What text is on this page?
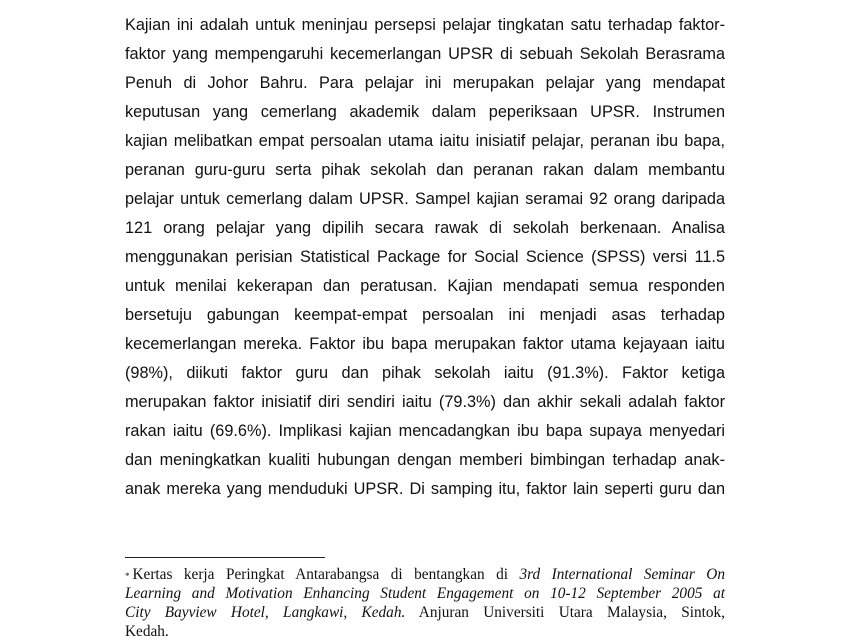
Kajian ini adalah untuk meninjau persepsi pelajar tingkatan satu terhadap faktor-
faktor yang mempengaruhi kecemerlangan UPSR di sebuah Sekolah Berasrama
Penuh di Johor Bahru. Para pelajar ini merupakan pelajar yang mendapat
keputusan yang cemerlang akademik dalam peperiksaan UPSR. Instrumen
kajian melibatkan empat persoalan utama iaitu inisiatif pelajar, peranan ibu bapa,
peranan guru-guru serta pihak sekolah dan peranan rakan dalam membantu
pelajar untuk cemerlang dalam UPSR. Sampel kajian seramai 92 orang daripada
121 orang pelajar yang dipilih secara rawak di sekolah berkenaan. Analisa
menggunakan perisian Statistical Package for Social Science (SPSS) versi 11.5
untuk menilai kekerapan dan peratusan. Kajian mendapati semua responden
bersetuju gabungan keempat-empat persoalan ini menjadi asas terhadap
kecemerlangan mereka. Faktor ibu bapa merupakan faktor utama kejayaan iaitu
(98%), diikuti faktor guru dan pihak sekolah iaitu (91.3%). Faktor ketiga
merupakan faktor inisiatif diri sendiri iaitu (79.3%) dan akhir sekali adalah faktor
rakan iaitu (69.6%). Implikasi kajian mencadangkan ibu bapa supaya menyedari
dan meningkatkan kualiti hubungan dengan memberi bimbingan terhadap anak-
anak mereka yang menduduki UPSR. Di samping itu, faktor lain seperti guru dan
* Kertas kerja Peringkat Antarabangsa di bentangkan di 3rd International Seminar On
Learning and Motivation Enhancing Student Engagement on 10-12 September 2005 at
City Bayview Hotel, Langkawi, Kedah. Anjuran Universiti Utara Malaysia, Sintok,
Kedah.
